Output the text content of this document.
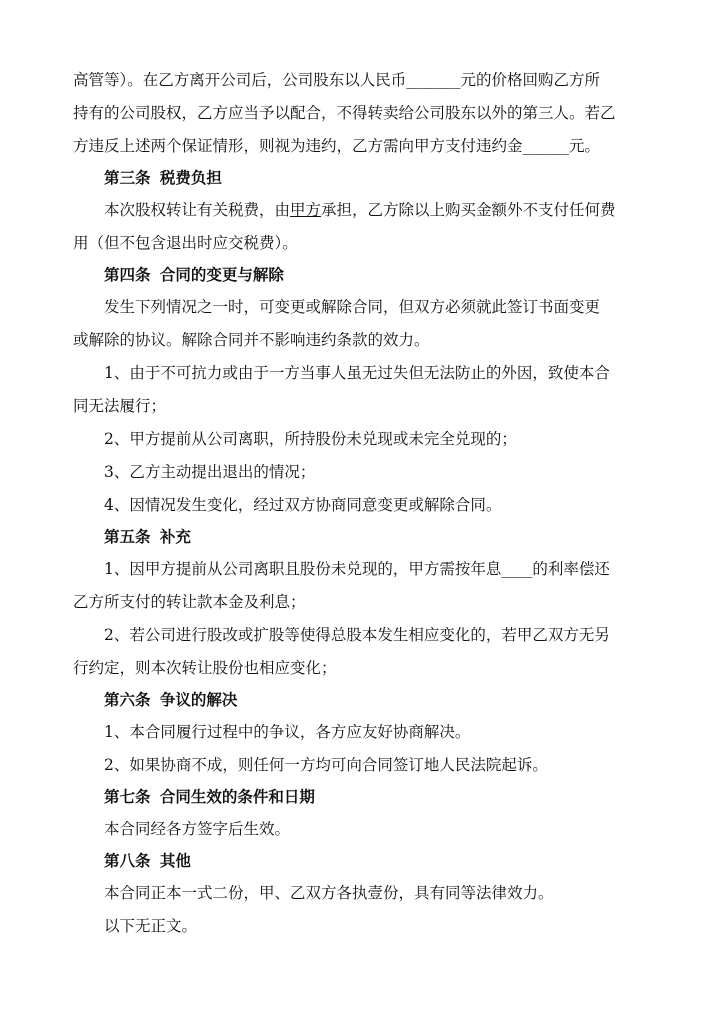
高管等）。在乙方离开公司后，公司股东以人民币_______元的价格回购乙方所
持有的公司股权，乙方应当予以配合，不得转卖给公司股东以外的第三人。若乙
方违反上述两个保证情形，则视为违约，乙方需向甲方支付违约金______元。
第三条 税费负担
本次股权转让有关税费，由甲方承担，乙方除以上购买金额外不支付任何费
用（但不包含退出时应交税费）。
第四条 合同的变更与解除
发生下列情况之一时，可变更或解除合同，但双方必须就此签订书面变更
或解除的协议。解除合同并不影响违约条款的效力。
1、由于不可抗力或由于一方当事人虽无过失但无法防止的外因，致使本合
同无法履行；
2、甲方提前从公司离职，所持股份未兑现或未完全兑现的；
3、乙方主动提出退出的情况；
4、因情况发生变化，经过双方协商同意变更或解除合同。
第五条 补充
1、因甲方提前从公司离职且股份未兑现的，甲方需按年息____的利率偿还
乙方所支付的转让款本金及利息；
2、若公司进行股改或扩股等使得总股本发生相应变化的，若甲乙双方无另
行约定，则本次转让股份也相应变化；
第六条 争议的解决
1、本合同履行过程中的争议，各方应友好协商解决。
2、如果协商不成，则任何一方均可向合同签订地人民法院起诉。
第七条 合同生效的条件和日期
本合同经各方签字后生效。
第八条 其他
本合同正本一式二份，甲、乙双方各执壹份，具有同等法律效力。
以下无正文。
